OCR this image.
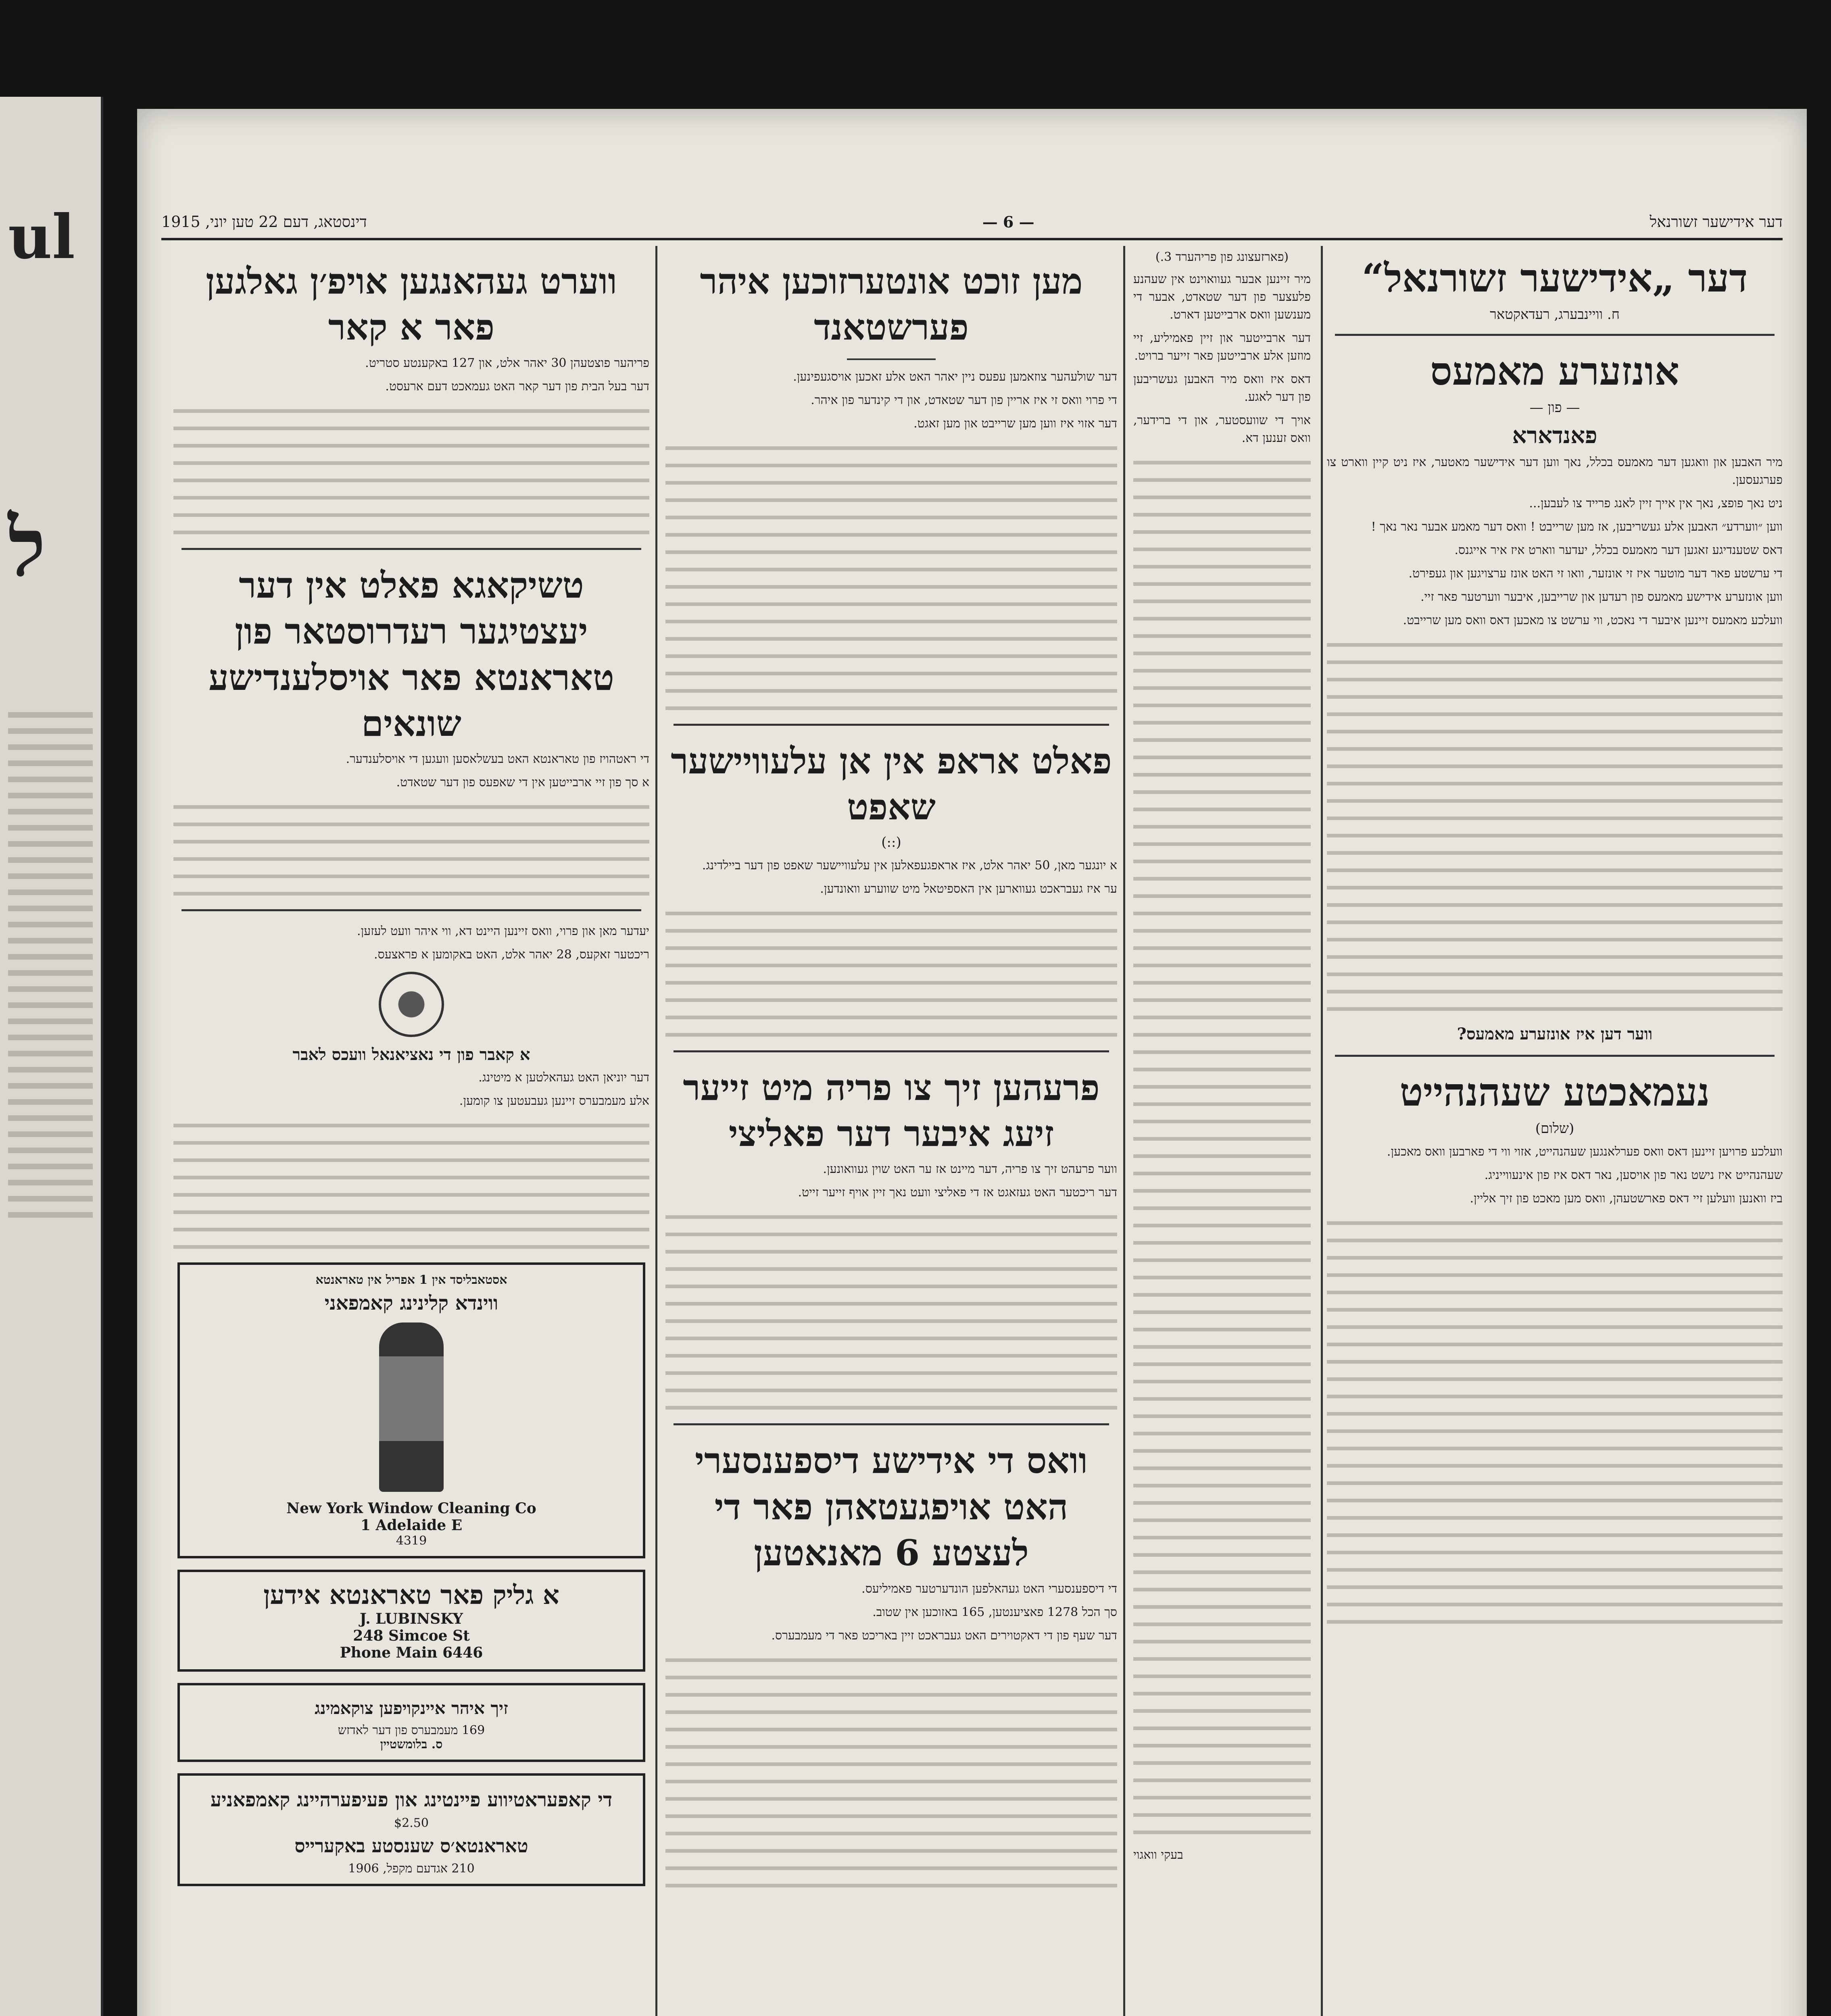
ul
ל
דער אידישער זשורנאל
— 6 —
דינסטאג, דעם 22 טען יוני, 1915
דער „אידישער זשורנאל“
ח. וויינבערג, רעדאקטאר
אונזערע מאמעס
— פון —
פאנדארא

מיר האבען און וואגען דער מאמעס בכלל, נאך ווען דער אידישער מאטער, איז ניט קיין ווארט צו פערגעסען.

ניט נאך פופצ, נאך אין אייך זיין לאנג פרייד צו לעבען...

ווען ״ווערדע״ האבען אלע געשריבען, אז מען שרייבט ! וואס דער מאמע אבער נאר נאך !

דאס שטענדיגע זאגען דער מאמעס בכלל, יעדער ווארט איז איר אייגנס.

די ערשטע פאר דער מוטער איז זי אונזער, וואו זי האט אונז ערצויגען און געפירט.

ווען אונזערע אידישע מאמעס פון רעדען און שרייבען, איבער ווערטער פאר זיי.

וועלכע מאמעס זיינען איבער די נאכט, ווי ערשט צו מאכען דאס וואס מען שרייבט.

ווער דען איז אונזערע מאמעס?
נעמאכטע שעהנהייט
(שלום)

וועלכע פרויען זיינען דאס וואס פערלאנגען שעהנהייט, אזוי ווי די פארבען וואס מאכען.

שעהנהייט איז נישט נאר פון אויסען, נאר דאס איז פון אינעווייניג.

ביז וואנען וועלען זיי דאס פארשטעהן, וואס מען מאכט פון זיך אליין.

(פארזעצונג פון פריהערד 3.)

מיר זיינען אבער געוואוינט אין שעהנע פלעצער פון דער שטאדט, אבער די מענשען וואס ארבייטען דארט.

דער ארבייטער און זיין פאמיליע, זיי מוזען אלע ארבייטען פאר זייער ברויט.

דאס איז וואס מיר האבען געשריבען פון דער לאגע.

אויך די שוועסטער, און די ברידער, וואס זענען דא.

בעקי וואגוי
מען זוכט אונטערזוכען איהר פערשטאנד

דער שולעהער צוזאמען עפעס ניין יאהר האט אלע זאכען אויסגעפינען.

די פרוי וואס זי איז אריין פון דער שטאדט, און די קינדער פון איהר.

דער אזוי איז ווען מען שרייבט און מען זאגט.

פאלט אראפ אין אן עלעוויישער שאפט
(::)

א יונגער מאן, 50 יאהר אלט, איז אראפגעפאלען אין עלעוויישער שאפט פון דער ביילדינג.

ער איז געבראכט געווארען אין האספיטאל מיט שווערע וואונדען.

פרעהען זיך צו פריה מיט זייער זיעג איבער דער פאליצי

ווער פרעהט זיך צו פריה, דער מיינט אז ער האט שוין געוואונען.

דער ריכטער האט געזאגט אז די פאליצי וועט נאך זיין אויף זייער זייט.

וואס די אידישע דיספענסערי האט אויפגעטאהן פאר די לעצטע 6 מאנאטען

די דיספענסערי האט געהאלפען הונדערטער פאמיליעס.

סך הכל 1278 פאציענטען, 165 באזוכען אין שטוב.

דער שעף פון די דאקטוירים האט געבראכט זיין באריכט פאר די מעמבערס.

ווערט געהאנגען אויפ׳ן גאלגען פאר א קאר

פריהער פוצטעהן 30 יאהר אלט, און 127 באקענטע סטריט.

דער בעל הבית פון דער קאר האט געמאכט דעם ארעסט.

טשיקאגא פאלט אין דער יעצטיגער רעדרוסטאר פון טאראנטא פאר אויסלענדישע שונאים

די ראטהויז פון טאראנטא האט בעשלאסען וועגען די אויסלענדער.

א סך פון זיי ארבייטען אין די שאפעס פון דער שטאדט.

יעדער מאן און פרוי, וואס זיינען היינט דא, ווי איהר וועט לעזען.

ריכטער זאקעס, 28 יאהר אלט, האט באקומען א פראצעס.

א קאבר פון די נאציאנאל וועכס לאבר

דער יוניאן האט געהאלטען א מיטינג.

אלע מעמבערס זיינען געבעטען צו קומען.

אסטאבליסד אין 1 אפריל אין טאראנטא
ווינדא קלינינג קאמפאני
New York Window Cleaning Co
1 Adelaide E
4319
א גליק פאר טאראנטא אידען
J. LUBINSKY
248 Simcoe St
Phone Main 6446
זיך איהר איינקויפען צוקאמינג
169 מעמבערס פון דער לאדזש
ס. בלומשטיין
די קאפעראטיווע פיינטינג און פעיפערהיינג קאמפאניע
$2.50
טאראנטא׳ס שענסטע באקערייס
210 אגדעם מקפל, 1906
